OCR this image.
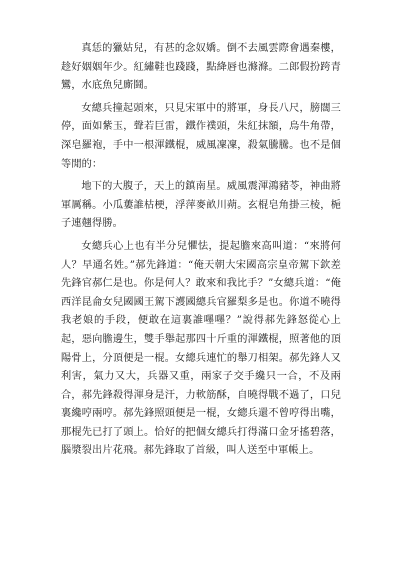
真恁的獵姑兒，有甚的念奴嬌。倒不去風雲際會遇秦樓，趁好姻姻年少。紅繡鞋也踐踐，點絳唇也滌滌。二郎假扮跨青鸞，水底魚兒廝鬪。

女總兵撞起頭來，只見宋軍中的將軍，身長八尺，膀闊三停，面如紫玉，聲若巨雷，鐵作襆頭，朱紅抹額，烏牛角帶，深皂羅袍，手中一根渾鐵棍，威風凜凜，殺氣騰騰。也不是個等閒的：

地下的大腹子，天上的鎮南星。威風震渾鴻豬苓，神曲將軍厲稱。小瓜蔞誰枯梗，浮萍麥畝川蒴。玄棍皂角掛三棱，梔子連翹得勝。

女總兵心上也有半分兒懼怯，提起膽來高叫道：“來將何人？早通名姓。”郝先鋒道：“俺天朝大宋國高宗皇帝駕下欽差先鋒官郝仁是也。你是何人？敢來和我比手？”女總兵道：“俺西洋昆侖女兒國國王駕下護國總兵官羅梨多是也。你道不曉得我老娘的手段，便敢在這裏誰嚜嚜？”說得郝先鋒怒從心上起，惡向膽邊生，雙手舉起那四十斤重的渾鐵棍，照著他的頂陽骨上，分頂便是一棍。女總兵連忙的舉刀相架。郝先鋒人又利害，氣力又大，兵器又重，兩家子交手纔只一合，不及兩合，郝先鋒殺得渾身是汗，力軟筋酥，自曉得戰不過了，口兒裏纔哼兩哼。郝先鋒照頭便是一棍，女總兵還不曾哼得出嘴，那棍先已打了頭上。恰好的把個女總兵打得滿口金牙搖碧落，腦漿裂出片花飛。郝先鋒取了首級，叫人送至中軍帳上。
